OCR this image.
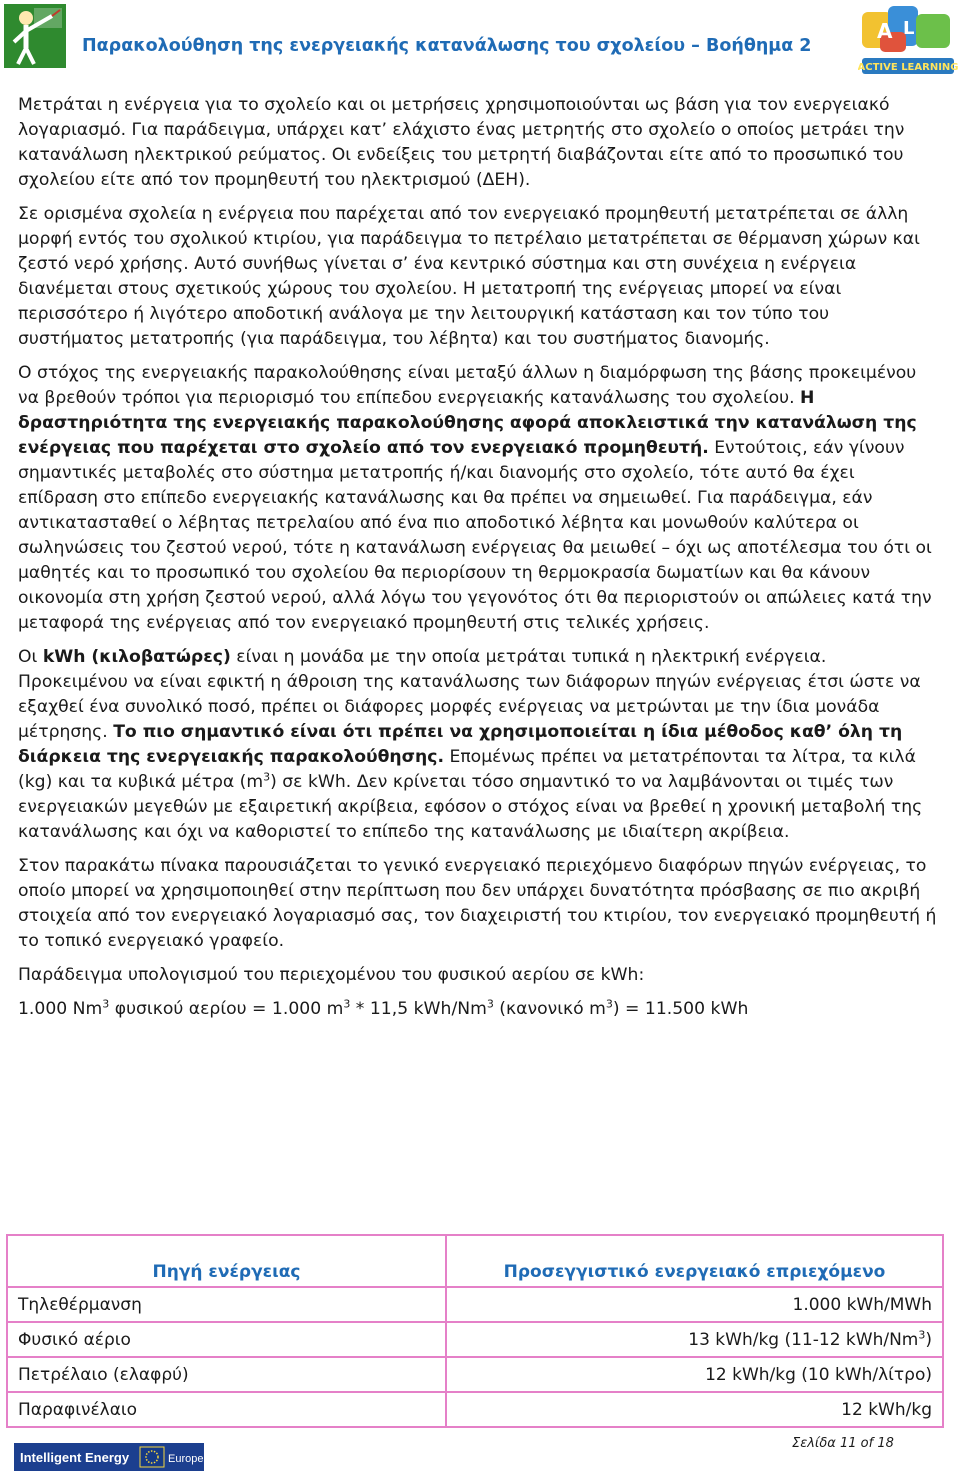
Παρακολούθηση της ενεργειακής κατανάλωσης του σχολείου – Βοήθημα 2
A L
ACTIVE LEARNING

Μετράται η ενέργεια για το σχολείο και οι μετρήσεις χρησιμοποιούνται ως βάση για τον ενεργειακό λογαριασμό. Για παράδειγμα, υπάρχει κατ’ ελάχιστο ένας μετρητής στο σχολείο ο οποίος μετράει την κατανάλωση ηλεκτρικού ρεύματος. Οι ενδείξεις του μετρητή διαβάζονται είτε από το προσωπικό του σχολείου είτε από τον προμηθευτή του ηλεκτρισμού (ΔΕΗ).

Σε ορισμένα σχολεία η ενέργεια που παρέχεται από τον ενεργειακό προμηθευτή μετατρέπεται σε άλλη μορφή εντός του σχολικού κτιρίου, για παράδειγμα το πετρέλαιο μετατρέπεται σε θέρμανση χώρων και ζεστό νερό χρήσης. Αυτό συνήθως γίνεται σ’ ένα κεντρικό σύστημα και στη συνέχεια η ενέργεια διανέμεται στους σχετικούς χώρους του σχολείου. Η μετατροπή της ενέργειας μπορεί να είναι περισσότερο ή λιγότερο αποδοτική ανάλογα με την λειτουργική κατάσταση και τον τύπο του συστήματος μετατροπής (για παράδειγμα, του λέβητα) και του συστήματος διανομής.

Ο στόχος της ενεργειακής παρακολούθησης είναι μεταξύ άλλων η διαμόρφωση της βάσης προκειμένου να βρεθούν τρόποι για περιορισμό του επίπεδου ενεργειακής κατανάλωσης του σχολείου. Η δραστηριότητα της ενεργειακής παρακολούθησης αφορά αποκλειστικά την κατανάλωση της ενέργειας που παρέχεται στο σχολείο από τον ενεργειακό προμηθευτή. Εντούτοις, εάν γίνουν σημαντικές μεταβολές στο σύστημα μετατροπής ή/και διανομής στο σχολείο, τότε αυτό θα έχει επίδραση στο επίπεδο ενεργειακής κατανάλωσης και θα πρέπει να σημειωθεί. Για παράδειγμα, εάν αντικατασταθεί ο λέβητας πετρελαίου από ένα πιο αποδοτικό λέβητα και μονωθούν καλύτερα οι σωληνώσεις του ζεστού νερού, τότε η κατανάλωση ενέργειας θα μειωθεί – όχι ως αποτέλεσμα του ότι οι μαθητές και το προσωπικό του σχολείου θα περιορίσουν τη θερμοκρασία δωματίων και θα κάνουν οικονομία στη χρήση ζεστού νερού, αλλά λόγω του γεγονότος ότι θα περιοριστούν οι απώλειες κατά την μεταφορά της ενέργειας από τον ενεργειακό προμηθευτή στις τελικές χρήσεις.

Οι kWh (κιλοβατώρες) είναι η μονάδα με την οποία μετράται τυπικά η ηλεκτρική ενέργεια. Προκειμένου να είναι εφικτή η άθροιση της κατανάλωσης των διάφορων πηγών ενέργειας έτσι ώστε να εξαχθεί ένα συνολικό ποσό, πρέπει οι διάφορες μορφές ενέργειας να μετρώνται με την ίδια μονάδα μέτρησης. Το πιο σημαντικό είναι ότι πρέπει να χρησιμοποιείται η ίδια μέθοδος καθ’ όλη τη διάρκεια της ενεργειακής παρακολούθησης. Επομένως πρέπει να μετατρέπονται τα λίτρα, τα κιλά (kg) και τα κυβικά μέτρα $(m^3)$ σε kWh. Δεν κρίνεται τόσο σημαντικό το να λαμβάνονται οι τιμές των ενεργειακών μεγεθών με εξαιρετική ακρίβεια, εφόσον ο στόχος είναι να βρεθεί η χρονική μεταβολή της κατανάλωσης και όχι να καθοριστεί το επίπεδο της κατανάλωσης με ιδιαίτερη ακρίβεια.

Στον παρακάτω πίνακα παρουσιάζεται το γενικό ενεργειακό περιεχόμενο διαφόρων πηγών ενέργειας, το οποίο μπορεί να χρησιμοποιηθεί στην περίπτωση που δεν υπάρχει δυνατότητα πρόσβασης σε πιο ακριβή στοιχεία από τον ενεργειακό λογαριασμό σας, τον διαχειριστή του κτιρίου, τον ενεργειακό προμηθευτή ή το τοπικό ενεργειακό γραφείο.

Παράδειγμα υπολογισμού του περιεχομένου του φυσικού αερίου σε kWh:

1.000 Nm$^3$ φυσικού αερίου = 1.000 $m^3 * 11,5$ kWh/Nm$^3$ (κανονικό $m^3) = 11.500$ kWh

Πηγή ενέργειας	Προσεγγιστικό ενεργειακό επριεχόμενο
Τηλεθέρμανση	1.000 kWh/MWh
Φυσικό αέριο	13 kWh/kg (11-12 kWh/Nm$^3$)
Πετρέλαιο (ελαφρύ)	12 kWh/kg (10 kWh/λίτρο)
Παραφινέλαιο	12 kWh/kg
Intelligent Energy	Europe
Σελίδα 11 of 18
